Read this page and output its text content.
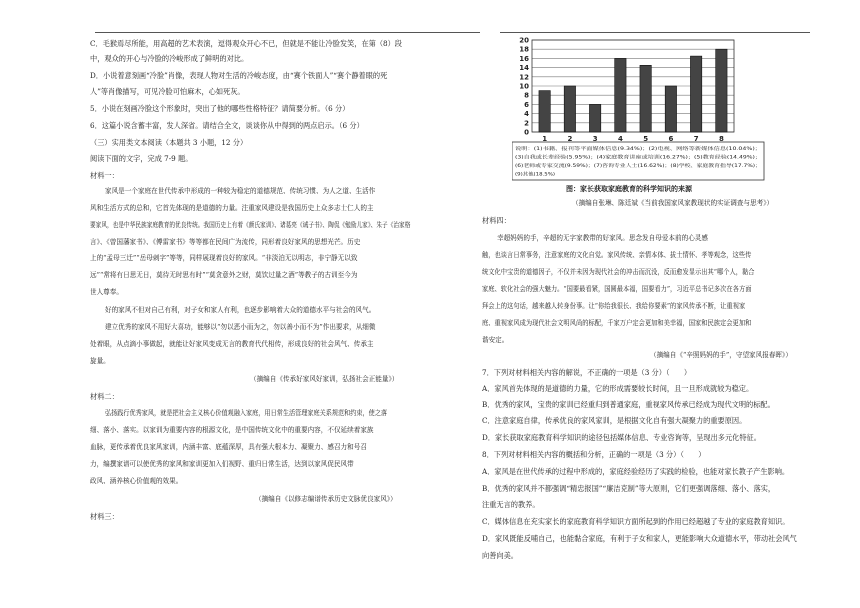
C．毛猴焉尽所能，用高超的艺术表演，逗得观众开心不已，但就是不能让冷脸发笑，在第（8）段
中，观众的开心与冷脸的冷峻形成了鲜明的对比。
D．小说着意刻画“冷脸”肖像，表现人物对生活的冷峻态度，由“赛个铁面人”“赛个静着眼的死
人”等肖像描写，可见冷脸可怕麻木，心如死灰。
5．小说在刻画冷脸这个形象时，突出了他的哪些性格特征？请简要分析。（6 分）
6．这篇小说含蓄丰富，发人深省。请结合全文，谈谈你从中得到的两点启示。（6 分）
（三）实用类文本阅读（本题共 3 小题，12 分）
阅读下面的文字，完成 7-9 题。
材料一：
家风是一个家庭在世代传承中形成的一种较为稳定的道德规范、传统习惯、为人之道、生活作
风和生活方式的总和，它首先体现的是道德的力量。注重家风建设是我国历史上众多志士仁人的主
要家风，也是中华民族家庭教育的优良传统。我国历史上有着《颜氏家训》、诸葛亮《诫子书》、陶侃《勉励儿家》、朱子《治家格
言》、《曾国藩家书》、《傅雷家书》等等都在民间广为流传，同形着良好家风的思想光芒。历史
上的“孟母三迁”“岳母刺字”等等，同样展现着良好的家风。“非淡泊无以明志，非宁静无以致
远”“常将有日思无日，莫待无时思有时”“莫贪意外之财，莫饮过量之酒”等教子的古训至今为
世人尊奉。
好的家风不但对自己有利，对子女和家人有利，也逐步影响着大众的道德水平与社会的风气。
建立优秀的家风不用好大喜功，能够以“勿以恶小而为之，勿以善小而不为”作出要求，从细微
处着眼，从点滴小事做起，就能让好家风变成无言的教育代代相传，形成良好的社会风气、传承主
旋量。
（摘编自《传承好家风好家训，弘扬社会正能量》）
材料二：
弘扬践行优秀家风，就是把社会主义核心价值观融入家庭，用日常生活管理家庭关系规范和约束，使之落
细、落小、落实。以家训为重要内容的根源文化，是中国传统文化中的重要内容，不仅延续着家族
血脉，更传承着优良家风家训，内涵丰富、底蕴深厚，具有强大根本力、凝聚力、感召力和号召
力，编撰家谱可以使优秀的家风和家训更加入们视野、重归日常生活，达到以家风促民风带
政风、涵养核心价值观的效果。
（摘编自《以修志编谱传承历史文脉优良家风》）
材料三：
0
2
4
6
8
10
12
14
16
18
20
1	2	3	4	5	6	7	8
说明：(1)书籍、报刊等平面媒体信息(9.34%)；(2)电视、网络等新媒体信息(10.04%)；
(3)自我或长辈经验(5.95%)；(4)家庭教育讲座或培训(16.27%)；(5)教育经验(14.49%)；
(6)老师或专家交流(9.59%)；(7)咨询专业人士(16.62%)；(8)学校、家庭教育指导(17.7%)；
(9)其他(18.5%)
图：家长获取家庭教育的科学知识的来源
（摘编自张琳、陈廷斌《当前我国家风家教现状的实证调查与思考》）
材料四：
幸超妈妈的手，辛超的无字家教带的好家风。思念发自母爱本前的心灵感
触，也谈言日常事务，注意家庭的文化自觉。家风传统、亲情本体、拔土情怀、孝等观念，这些传
统文化中宝贵的道德因子，不仅并未因为现代社会的冲击而沉没，反而愈发显示出其“哪个人，黏合
家庭、软化社会的强大魅力。“国要最看紧，国圆最本福，国要看力”，习近平总书记多次在各方面
拜会上的这句话，越来越人转身份事。让“你给我很长、我给你要素”的家风传承不断，让重视家
庭、重视家风成为现代社会文明风尚的标配，千家万户定会更加和美幸福，国家和民族定会更加和
谐安定。
（摘编自《“辛照妈妈的手”，守望家风报春晖》）
7．下列对材料相关内容的解说，不正确的一项是（3 分）（　　）
A．家风首先体现的是道德的力量，它的形成需要较长时间，且一旦形成就较为稳定。
B．优秀的家风，宝贵的家训已经重归到普通家庭，重视家风传承已经成为现代文明的标配。
C．注意家庭自律，传承优良的家风家训，是根据文化自有强大凝聚力的重要原因。
D．家长获取家庭教育科学知识的途径包括媒体信息、专业咨询等，呈现出多元化特征。
8．下列对材料相关内容的概括和分析，正确的一项是（3 分）（　　）
A．家风是在世代传承的过程中形成的，家庭经验经历了实践的检验，也能对家长教子产生影响。
B．优秀的家风并不都强调“精忠报国”“廉洁克制”等大原则，它们更强调落细、落小、落实，
注重无言的教养。
C．媒体信息在充实家长的家庭教育科学知识方面所起到的作用已经超越了专业的家庭教育知识。
D．家风既能反哺自己，也能黏合家庭，有利于子女和家人，更能影响大众道德水平，带动社会风气
向善向美。
